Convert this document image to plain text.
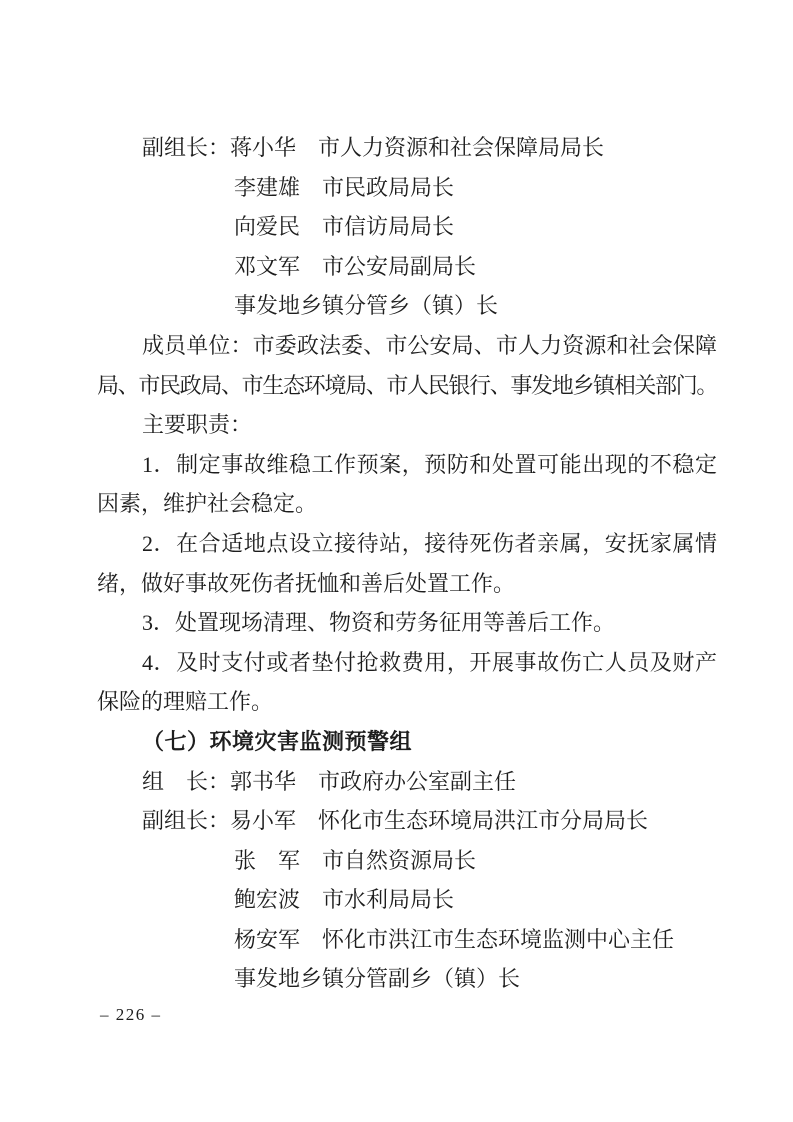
副组长：蒋小华　市人力资源和社会保障局局长
李建雄　市民政局局长
向爱民　市信访局局长
邓文军　市公安局副局长
事发地乡镇分管乡（镇）长
成员单位：市委政法委、市公安局、市人力资源和社会保障
局、市民政局、市生态环境局、市人民银行、事发地乡镇相关部门。
主要职责：
1．制定事故维稳工作预案，预防和处置可能出现的不稳定
因素，维护社会稳定。
2．在合适地点设立接待站，接待死伤者亲属，安抚家属情
绪，做好事故死伤者抚恤和善后处置工作。
3．处置现场清理、物资和劳务征用等善后工作。
4．及时支付或者垫付抢救费用，开展事故伤亡人员及财产
保险的理赔工作。
（七）环境灾害监测预警组
组　长：郭书华　市政府办公室副主任
副组长：易小军　怀化市生态环境局洪江市分局局长
张　军　市自然资源局长
鲍宏波　市水利局局长
杨安军　怀化市洪江市生态环境监测中心主任
事发地乡镇分管副乡（镇）长
– 226 –
